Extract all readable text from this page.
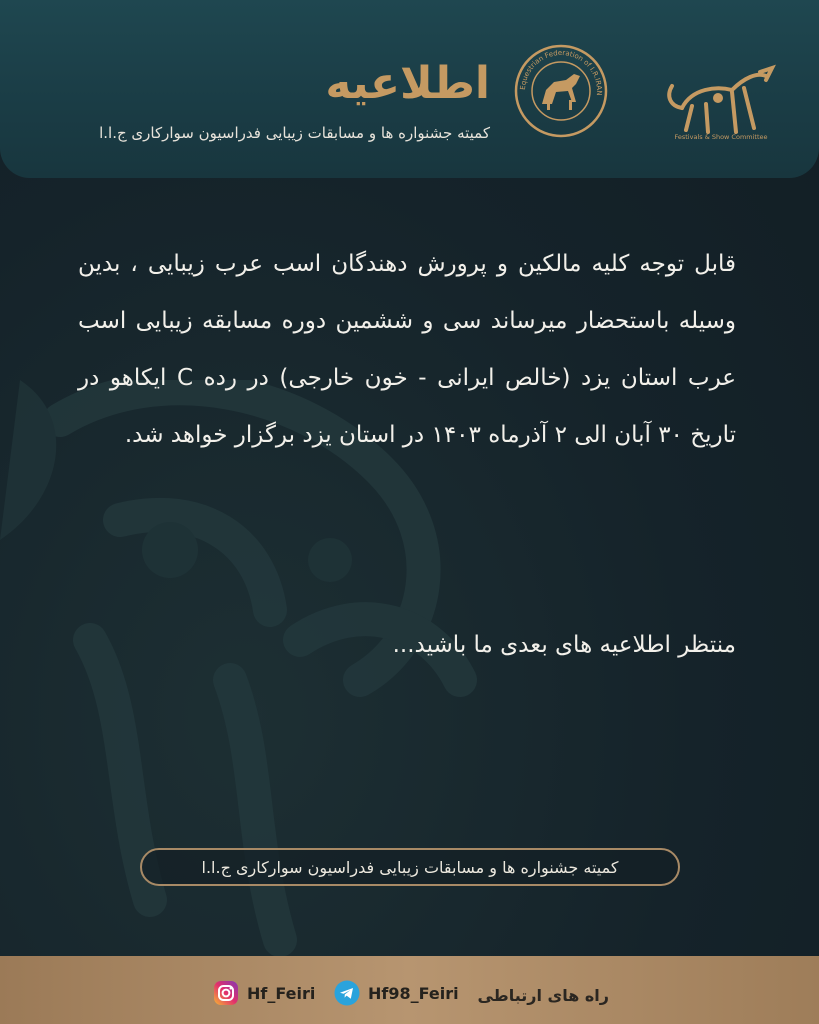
اطلاعیه
کمیته جشنواره ها و مسابقات زیبایی فدراسیون سوارکاری ج.ا.ا
Equestrian Federation of I.R.IRAN
Festivals & Show Committee
قابل توجه کلیه مالکین و پرورش دهندگان اسب عرب زیبایی ، بدین وسیله باستحضار میرساند سی و ششمین دوره مسابقه زیبایی اسب عرب استان یزد (خالص ایرانی - خون خارجی) در رده C ایکاهو در تاریخ ۳۰ آبان الی ۲ آذرماه ۱۴۰۳ در استان یزد برگزار خواهد شد.
منتظر اطلاعیه های بعدی ما باشید...
کمیته جشنواره ها و مسابقات زیبایی فدراسیون سوارکاری ج.ا.ا
راه های ارتباطی
Hf98_Feiri
Hf_Feiri
